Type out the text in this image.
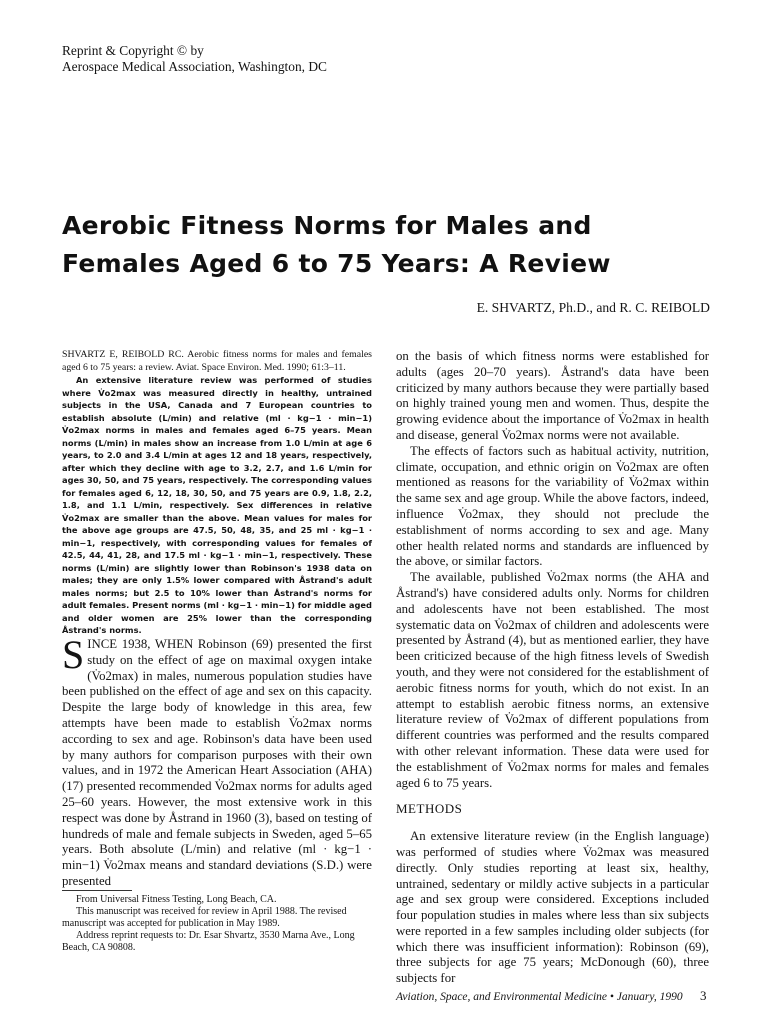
Reprint & Copyright © by
Aerospace Medical Association, Washington, DC
Aerobic Fitness Norms for Males and
Females Aged 6 to 75 Years: A Review
E. SHVARTZ, Ph.D., and R. C. REIBOLD

SHVARTZ E, REIBOLD RC. Aerobic fitness norms for males and females aged 6 to 75 years: a review. Aviat. Space Environ. Med. 1990; 61:3–11.

An extensive literature review was performed of studies where V̇o2max was measured directly in healthy, untrained subjects in the USA, Canada and 7 European countries to establish absolute (L/min) and relative (ml · kg−1 · min−1) V̇o2max norms in males and females aged 6–75 years. Mean norms (L/min) in males show an increase from 1.0 L/min at age 6 years, to 2.0 and 3.4 L/min at ages 12 and 18 years, respectively, after which they decline with age to 3.2, 2.7, and 1.6 L/min for ages 30, 50, and 75 years, respectively. The corresponding values for females aged 6, 12, 18, 30, 50, and 75 years are 0.9, 1.8, 2.2, 1.8, and 1.1 L/min, respectively. Sex differences in relative V̇o2max are smaller than the above. Mean values for males for the above age groups are 47.5, 50, 48, 35, and 25 ml · kg−1 · min−1, respectively, with corresponding values for females of 42.5, 44, 41, 28, and 17.5 ml · kg−1 · min−1, respectively. These norms (L/min) are slightly lower than Robinson's 1938 data on males; they are only 1.5% lower compared with Åstrand's adult males norms; but 2.5 to 10% lower than Åstrand's norms for adult females. Present norms (ml · kg−1 · min−1) for middle aged and older women are 25% lower than the corresponding Åstrand's norms.

S INCE 1938, WHEN Robinson (69) presented the first study on the effect of age on maximal oxygen intake (V̇o2max) in males, numerous population studies have been published on the effect of age and sex on this capacity. Despite the large body of knowledge in this area, few attempts have been made to establish V̇o2max norms according to sex and age. Robinson's data have been used by many authors for comparison purposes with their own values, and in 1972 the American Heart Association (AHA) (17) presented recommended V̇o2max norms for adults aged 25–60 years. However, the most extensive work in this respect was done by Åstrand in 1960 (3), based on testing of hundreds of male and female subjects in Sweden, aged 5–65 years. Both absolute (L/min) and relative (ml · kg−1 · min−1) V̇o2max means and standard deviations (S.D.) were presented

From Universal Fitness Testing, Long Beach, CA.

This manuscript was received for review in April 1988. The revised manuscript was accepted for publication in May 1989.

Address reprint requests to: Dr. Esar Shvartz, 3530 Marna Ave., Long Beach, CA 90808.

on the basis of which fitness norms were established for adults (ages 20–70 years). Åstrand's data have been criticized by many authors because they were partially based on highly trained young men and women. Thus, despite the growing evidence about the importance of V̇o2max in health and disease, general V̇o2max norms were not available.

The effects of factors such as habitual activity, nutrition, climate, occupation, and ethnic origin on V̇o2max are often mentioned as reasons for the variability of V̇o2max within the same sex and age group. While the above factors, indeed, influence V̇o2max, they should not preclude the establishment of norms according to sex and age. Many other health related norms and standards are influenced by the above, or similar factors.

The available, published V̇o2max norms (the AHA and Åstrand's) have considered adults only. Norms for children and adolescents have not been established. The most systematic data on V̇o2max of children and adolescents were presented by Åstrand (4), but as mentioned earlier, they have been criticized because of the high fitness levels of Swedish youth, and they were not considered for the establishment of aerobic fitness norms for youth, which do not exist. In an attempt to establish aerobic fitness norms, an extensive literature review of V̇o2max of different populations from different countries was performed and the results compared with other relevant information. These data were used for the establishment of V̇o2max norms for males and females aged 6 to 75 years.

METHODS

An extensive literature review (in the English language) was performed of studies where V̇o2max was measured directly. Only studies reporting at least six, healthy, untrained, sedentary or mildly active subjects in a particular age and sex group were considered. Exceptions included four population studies in males where less than six subjects were reported in a few samples including older subjects (for which there was insufficient information): Robinson (69), three subjects for age 75 years; McDonough (60), three subjects for

Aviation, Space, and Environmental Medicine • January, 1990	3
